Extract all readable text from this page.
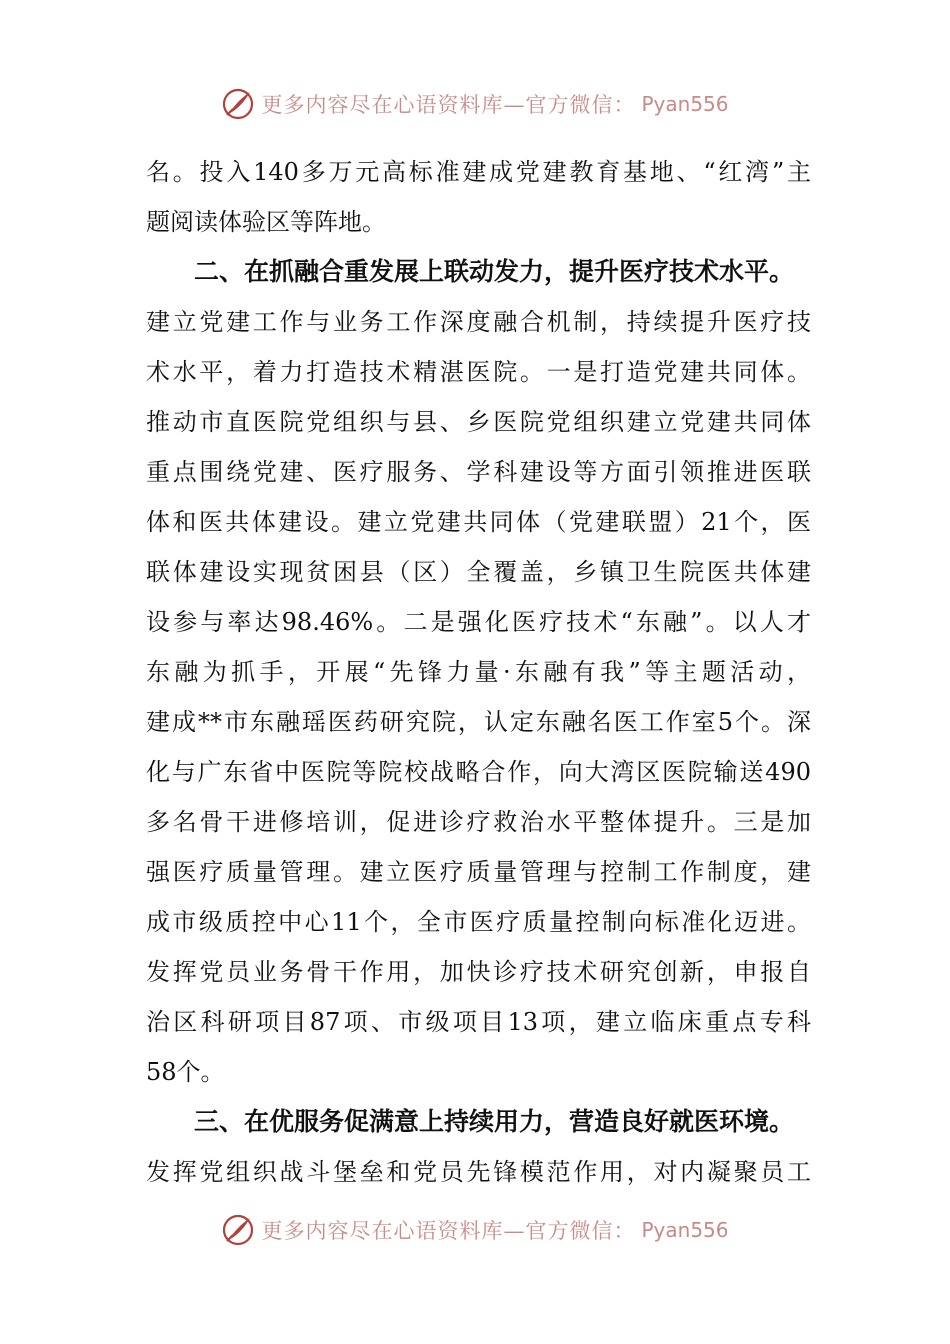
更多内容尽在心语资料库—官方微信： Pyan556
名。投入140多万元高标准建成党建教育基地、“红湾”主
题阅读体验区等阵地。
二、在抓融合重发展上联动发力，提升医疗技术水平。
建立党建工作与业务工作深度融合机制，持续提升医疗技
术水平，着力打造技术精湛医院。一是打造党建共同体。
推动市直医院党组织与县、乡医院党组织建立党建共同体
重点围绕党建、医疗服务、学科建设等方面引领推进医联
体和医共体建设。建立党建共同体（党建联盟）21个，医
联体建设实现贫困县（区）全覆盖，乡镇卫生院医共体建
设参与率达98.46%。二是强化医疗技术“东融”。以人才
东融为抓手，开展“先锋力量·东融有我”等主题活动，
建成**市东融瑶医药研究院，认定东融名医工作室5个。深
化与广东省中医院等院校战略合作，向大湾区医院输送490
多名骨干进修培训，促进诊疗救治水平整体提升。三是加
强医疗质量管理。建立医疗质量管理与控制工作制度，建
成市级质控中心11个，全市医疗质量控制向标准化迈进。
发挥党员业务骨干作用，加快诊疗技术研究创新，申报自
治区科研项目87项、市级项目13项，建立临床重点专科
58个。
三、在优服务促满意上持续用力，营造良好就医环境。
发挥党组织战斗堡垒和党员先锋模范作用，对内凝聚员工
更多内容尽在心语资料库—官方微信： Pyan556
